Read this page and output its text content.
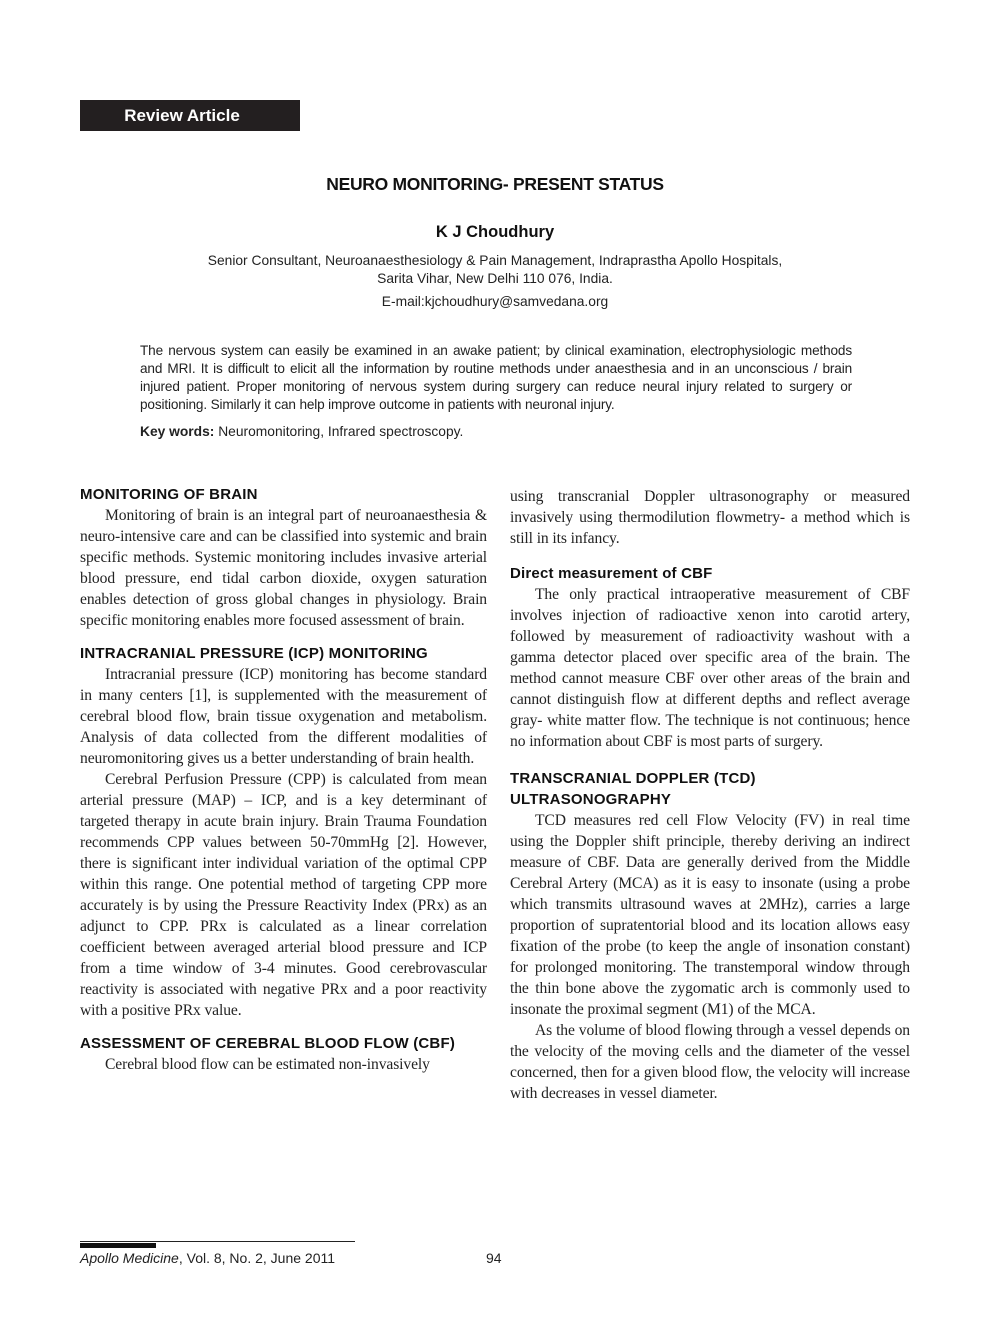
Review Article
NEURO MONITORING- PRESENT STATUS
K J Choudhury
Senior Consultant, Neuroanaesthesiology & Pain Management, Indraprastha Apollo Hospitals,
Sarita Vihar, New Delhi 110 076, India.
E-mail:kjchoudhury@samvedana.org

The nervous system can easily be examined in an awake patient; by clinical examination, electrophysiologic methods and MRI. It is difficult to elicit all the information by routine methods under anaesthesia and in an unconscious / brain injured patient. Proper monitoring of nervous system during surgery can reduce neural injury related to surgery or positioning. Similarly it can help improve outcome in patients with neuronal injury.

Key words: Neuromonitoring, Infrared spectroscopy.
MONITORING OF BRAIN

Monitoring of brain is an integral part of neuroanaesthesia & neuro-intensive care and can be classified into systemic and brain specific methods. Systemic monitoring includes invasive arterial blood pressure, end tidal carbon dioxide, oxygen saturation enables detection of gross global changes in physiology. Brain specific monitoring enables more focused assessment of brain.

INTRACRANIAL PRESSURE (ICP) MONITORING

Intracranial pressure (ICP) monitoring has become standard in many centers [1], is supplemented with the measurement of cerebral blood flow, brain tissue oxygenation and metabolism. Analysis of data collected from the different modalities of neuromonitoring gives us a better understanding of brain health.

Cerebral Perfusion Pressure (CPP) is calculated from mean arterial pressure (MAP) – ICP, and is a key determinant of targeted therapy in acute brain injury. Brain Trauma Foundation recommends CPP values between 50-70mmHg [2]. However, there is significant inter individual variation of the optimal CPP within this range. One potential method of targeting CPP more accurately is by using the Pressure Reactivity Index (PRx) as an adjunct to CPP. PRx is calculated as a linear correlation coefficient between averaged arterial blood pressure and ICP from a time window of 3-4 minutes. Good cerebrovascular reactivity is associated with negative PRx and a poor reactivity with a positive PRx value.

ASSESSMENT OF CEREBRAL BLOOD FLOW (CBF)

Cerebral blood flow can be estimated non-invasively

using transcranial Doppler ultrasonography or measured invasively using thermodilution flowmetry- a method which is still in its infancy.

Direct measurement of CBF

The only practical intraoperative measurement of CBF involves injection of radioactive xenon into carotid artery, followed by measurement of radioactivity washout with a gamma detector placed over specific area of the brain. The method cannot measure CBF over other areas of the brain and cannot distinguish flow at different depths and reflect average gray- white matter flow. The technique is not continuous; hence no information about CBF is most parts of surgery.

TRANSCRANIAL DOPPLER (TCD)
ULTRASONOGRAPHY

TCD measures red cell Flow Velocity (FV) in real time using the Doppler shift principle, thereby deriving an indirect measure of CBF. Data are generally derived from the Middle Cerebral Artery (MCA) as it is easy to insonate (using a probe which transmits ultrasound waves at 2MHz), carries a large proportion of supratentorial blood and its location allows easy fixation of the probe (to keep the angle of insonation constant) for prolonged monitoring. The transtemporal window through the thin bone above the zygomatic arch is commonly used to insonate the proximal segment (M1) of the MCA.

As the volume of blood flowing through a vessel depends on the velocity of the moving cells and the diameter of the vessel concerned, then for a given blood flow, the velocity will increase with decreases in vessel diameter.

Apollo Medicine, Vol. 8, No. 2, June 2011	94
